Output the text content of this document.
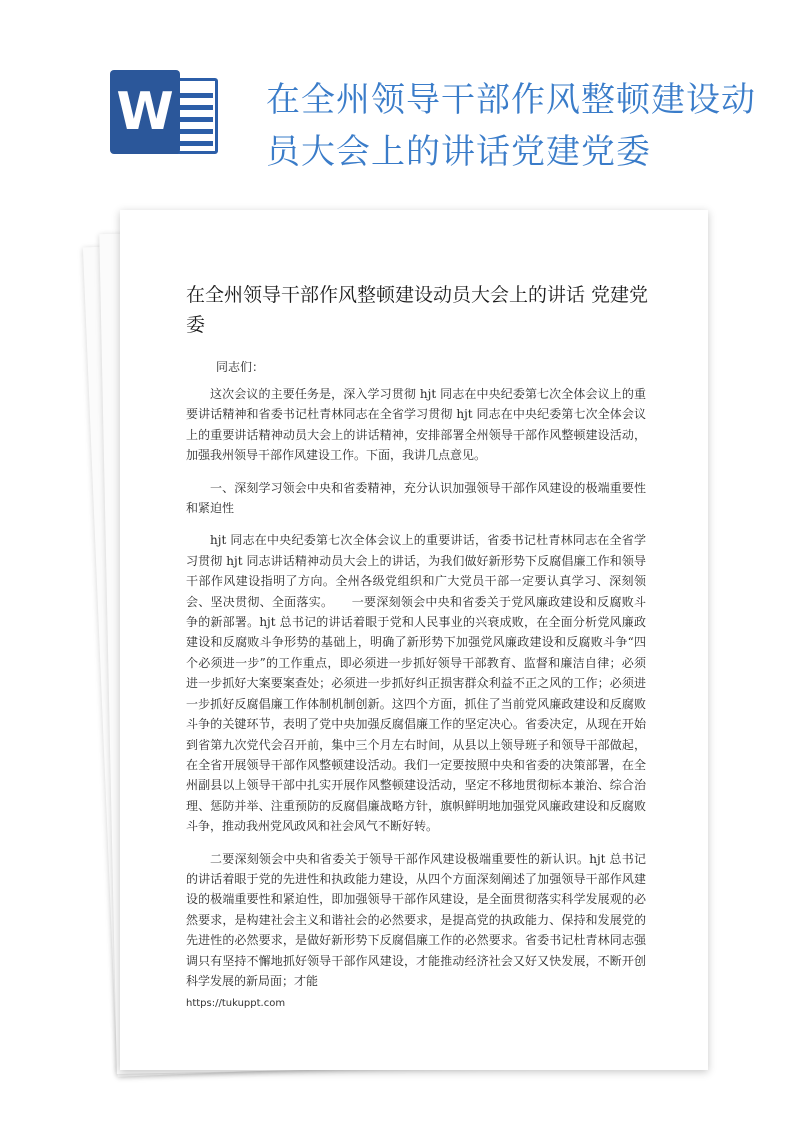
W	在全州领导干部作风整顿建设动员大会上的讲话党建党委
在全州领导干部作风整顿建设动员大会上的讲话 党建党委
同志们：

这次会议的主要任务是，深入学习贯彻 hjt 同志在中央纪委第七次全体会议上的重要讲话精神和省委书记杜青林同志在全省学习贯彻 hjt 同志在中央纪委第七次全体会议上的重要讲话精神动员大会上的讲话精神，安排部署全州领导干部作风整顿建设活动，加强我州领导干部作风建设工作。下面，我讲几点意见。

一、深刻学习领会中央和省委精神，充分认识加强领导干部作风建设的极端重要性和紧迫性

hjt 同志在中央纪委第七次全体会议上的重要讲话，省委书记杜青林同志在全省学习贯彻 hjt 同志讲话精神动员大会上的讲话，为我们做好新形势下反腐倡廉工作和领导干部作风建设指明了方向。全州各级党组织和广大党员干部一定要认真学习、深刻领会、坚决贯彻、全面落实。　　一要深刻领会中央和省委关于党风廉政建设和反腐败斗争的新部署。hjt 总书记的讲话着眼于党和人民事业的兴衰成败，在全面分析党风廉政建设和反腐败斗争形势的基础上，明确了新形势下加强党风廉政建设和反腐败斗争“四个必须进一步”的工作重点，即必须进一步抓好领导干部教育、监督和廉洁自律；必须进一步抓好大案要案查处；必须进一步抓好纠正损害群众利益不正之风的工作；必须进一步抓好反腐倡廉工作体制机制创新。这四个方面，抓住了当前党风廉政建设和反腐败斗争的关键环节，表明了党中央加强反腐倡廉工作的坚定决心。省委决定，从现在开始到省第九次党代会召开前，集中三个月左右时间，从县以上领导班子和领导干部做起，在全省开展领导干部作风整顿建设活动。我们一定要按照中央和省委的决策部署，在全州副县以上领导干部中扎实开展作风整顿建设活动，坚定不移地贯彻标本兼治、综合治理、惩防并举、注重预防的反腐倡廉战略方针，旗帜鲜明地加强党风廉政建设和反腐败斗争，推动我州党风政风和社会风气不断好转。

二要深刻领会中央和省委关于领导干部作风建设极端重要性的新认识。hjt 总书记的讲话着眼于党的先进性和执政能力建设，从四个方面深刻阐述了加强领导干部作风建设的极端重要性和紧迫性，即加强领导干部作风建设，是全面贯彻落实科学发展观的必然要求，是构建社会主义和谐社会的必然要求，是提高党的执政能力、保持和发展党的先进性的必然要求，是做好新形势下反腐倡廉工作的必然要求。省委书记杜青林同志强调只有坚持不懈地抓好领导干部作风建设，才能推动经济社会又好又快发展，不断开创科学发展的新局面；才能

https://tukuppt.com
